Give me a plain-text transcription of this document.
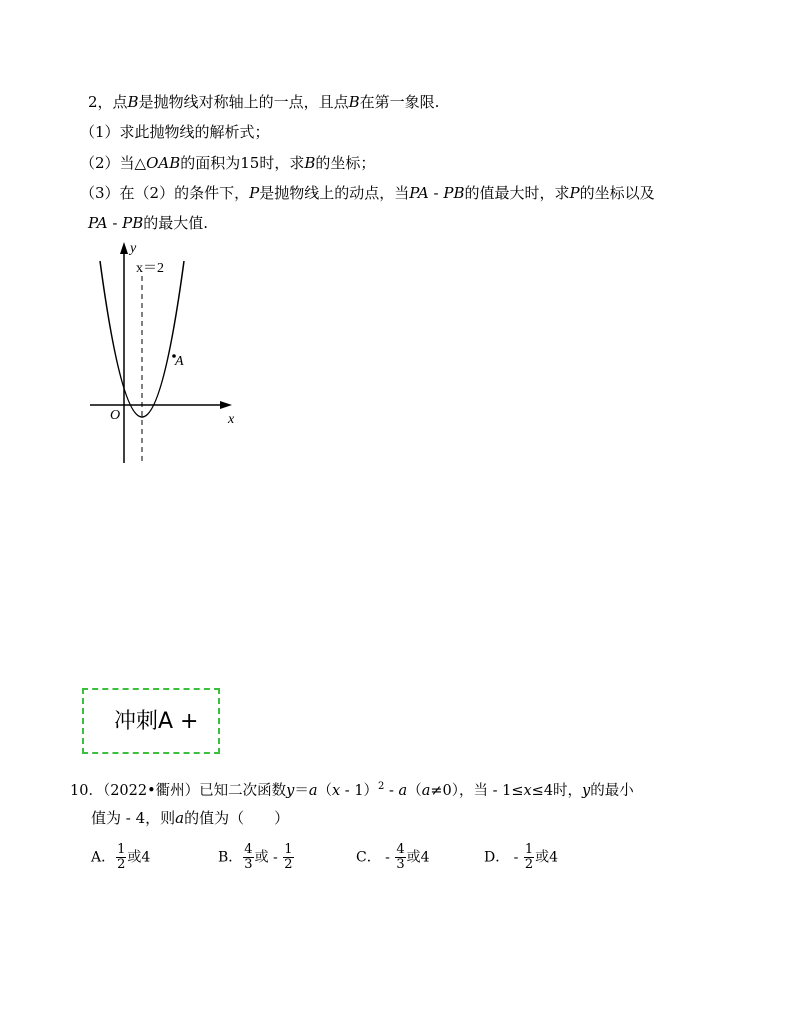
2，点B是抛物线对称轴上的一点，且点B在第一象限.
（1）求此抛物线的解析式；
（2）当△OAB的面积为15时，求B的坐标；
（3）在（2）的条件下，P是抛物线上的动点，当PA - PB的值最大时，求P的坐标以及
PA - PB的最大值.
y
x
O
A
x＝2
冲刺A +
10．（2022•衢州）已知二次函数y＝a（x - 1）$^2$ - a（a≠0），当 - 1≤x≤4时，y的最小
值为 - 4，则a的值为（　　）
A． $\frac{1}{2}$ 或4	B． $\frac{4}{3}$ 或 - $\frac{1}{2}$	C． - $\frac{4}{3}$ 或4	D． - $\frac{1}{2}$ 或4
